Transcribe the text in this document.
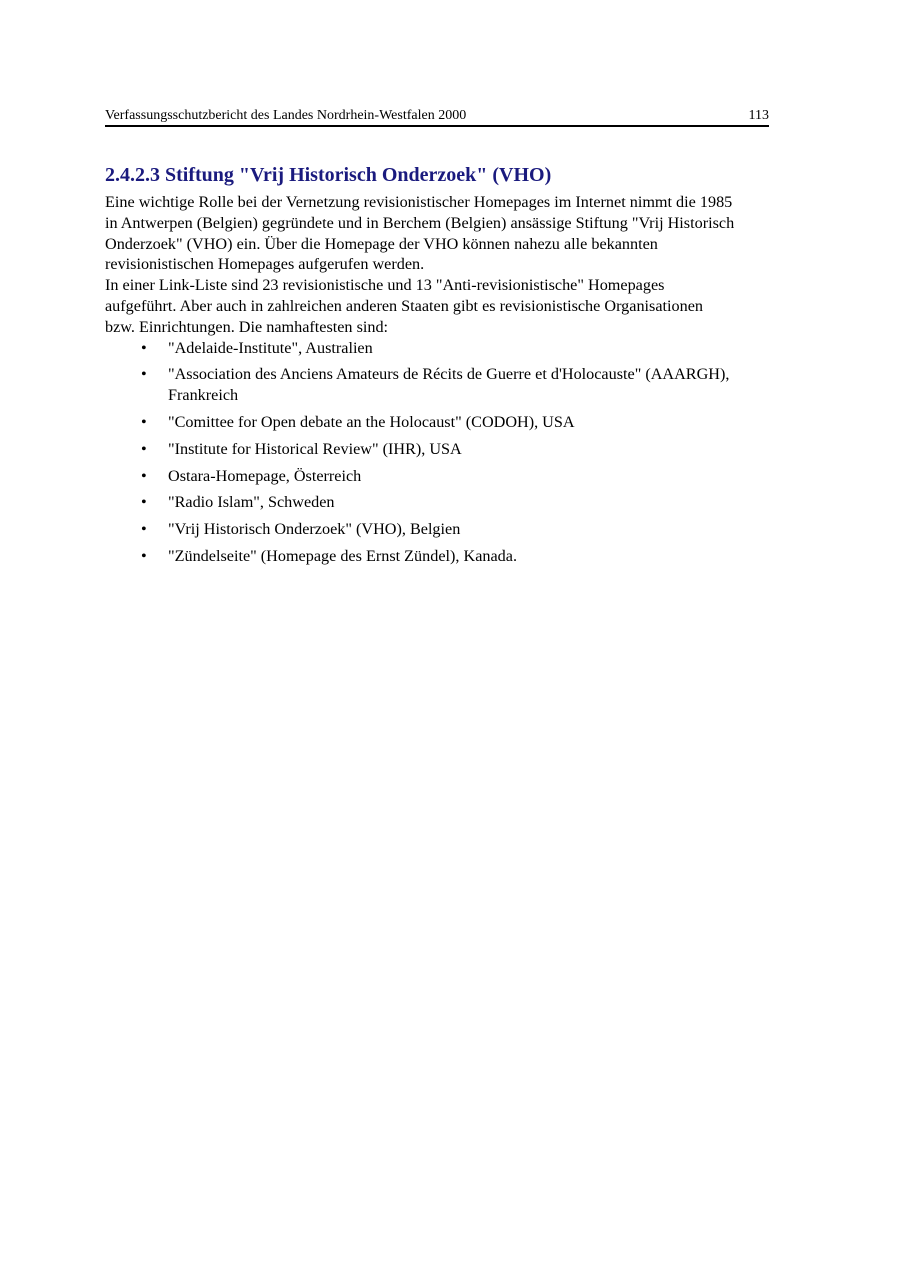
Verfassungsschutzbericht des Landes Nordrhein-Westfalen 2000	113
2.4.2.3 Stiftung "Vrij Historisch Onderzoek" (VHO)

Eine wichtige Rolle bei der Vernetzung revisionistischer Homepages im Internet nimmt die 1985
in Antwerpen (Belgien) gegründete und in Berchem (Belgien) ansässige Stiftung "Vrij Historisch
Onderzoek" (VHO) ein. Über die Homepage der VHO können nahezu alle bekannten
revisionistischen Homepages aufgerufen werden.

In einer Link-Liste sind 23 revisionistische und 13 "Anti-revisionistische" Homepages
aufgeführt. Aber auch in zahlreichen anderen Staaten gibt es revisionistische Organisationen
bzw. Einrichtungen. Die namhaftesten sind:

• "Adelaide-Institute", Australien
• "Association des Anciens Amateurs de Récits de Guerre et d'Holocauste" (AAARGH),
Frankreich
• "Comittee for Open debate an the Holocaust" (CODOH), USA
• "Institute for Historical Review" (IHR), USA
• Ostara-Homepage, Österreich
• "Radio Islam", Schweden
• "Vrij Historisch Onderzoek" (VHO), Belgien
• "Zündelseite" (Homepage des Ernst Zündel), Kanada.
